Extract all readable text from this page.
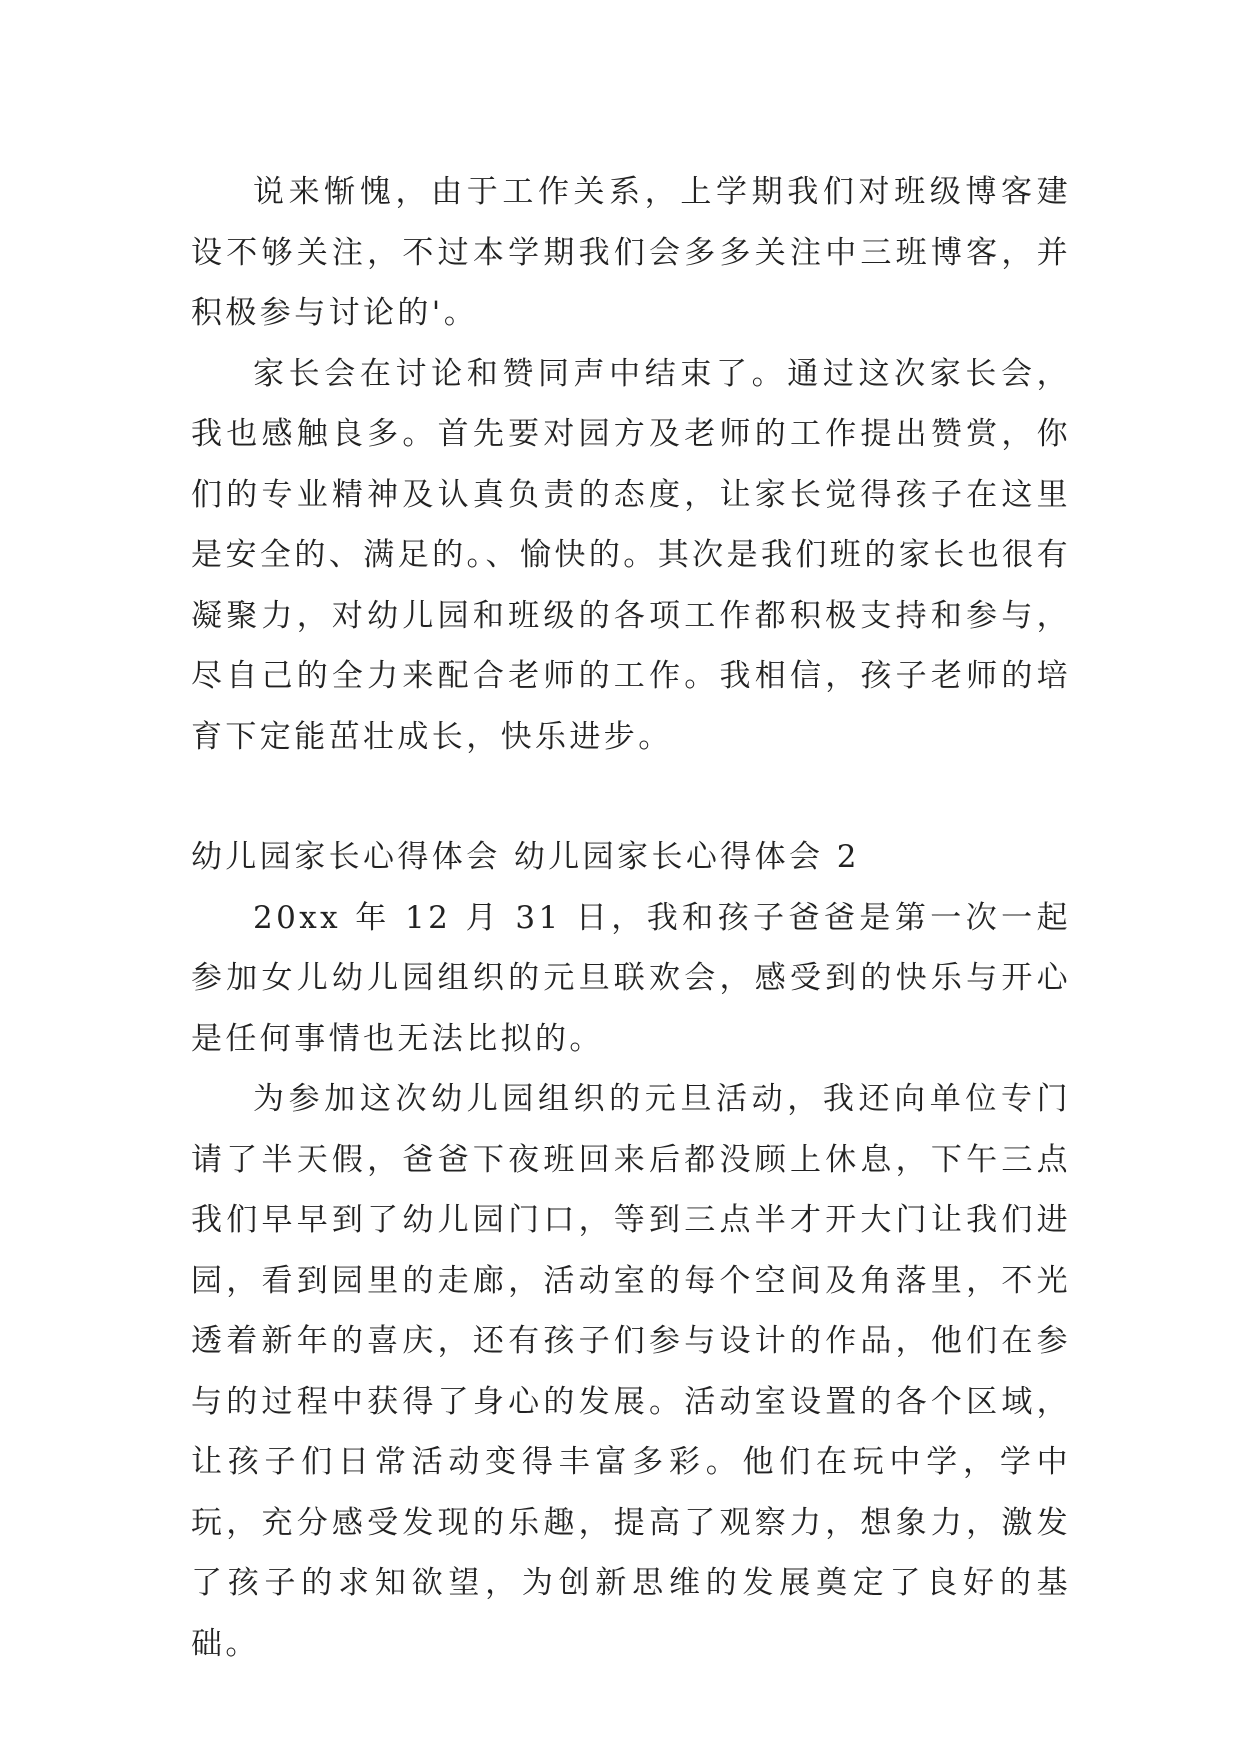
说来惭愧，由于工作关系，上学期我们对班级博客建设不够关注，不过本学期我们会多多关注中三班博客，并积极参与讨论的'。

家长会在讨论和赞同声中结束了。通过这次家长会，我也感触良多。首先要对园方及老师的工作提出赞赏，你们的专业精神及认真负责的态度，让家长觉得孩子在这里是安全的、满足的。、愉快的。其次是我们班的家长也很有凝聚力，对幼儿园和班级的各项工作都积极支持和参与，尽自己的全力来配合老师的工作。我相信，孩子老师的培育下定能茁壮成长，快乐进步。

幼儿园家长心得体会 幼儿园家长心得体会 2

20xx 年 12 月 31 日，我和孩子爸爸是第一次一起参加女儿幼儿园组织的元旦联欢会，感受到的快乐与开心是任何事情也无法比拟的。

为参加这次幼儿园组织的元旦活动，我还向单位专门请了半天假，爸爸下夜班回来后都没顾上休息，下午三点我们早早到了幼儿园门口，等到三点半才开大门让我们进园，看到园里的走廊，活动室的每个空间及角落里，不光透着新年的喜庆，还有孩子们参与设计的作品，他们在参与的过程中获得了身心的发展。活动室设置的各个区域，让孩子们日常活动变得丰富多彩。他们在玩中学，学中玩，充分感受发现的乐趣，提高了观察力，想象力，激发了孩子的求知欲望，为创新思维的发展奠定了良好的基础。
